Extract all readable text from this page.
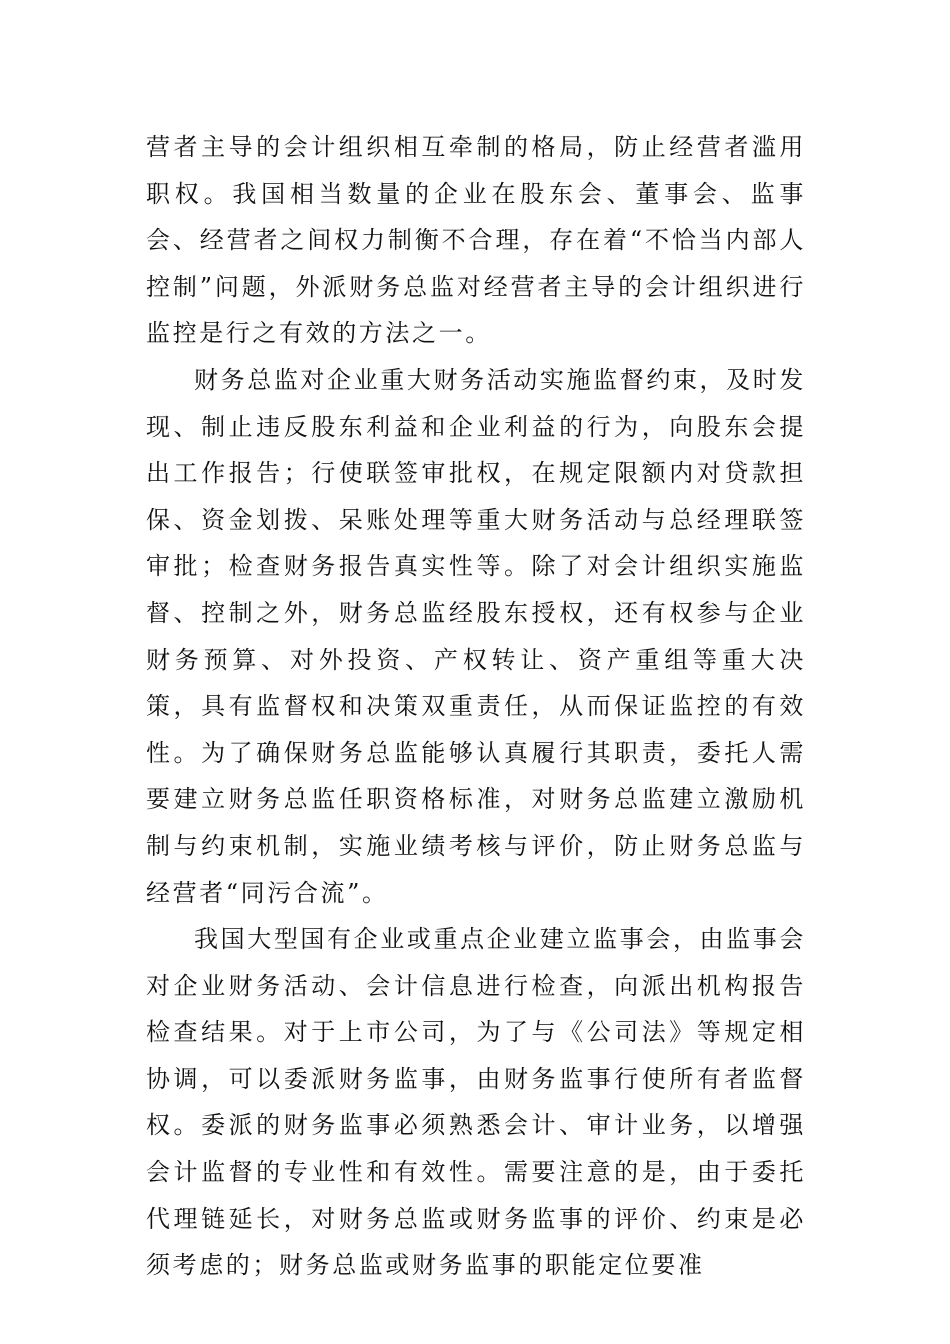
营者主导的会计组织相互牵制的格局，防止经营者滥用职权。我国相当数量的企业在股东会、董事会、监事会、经营者之间权力制衡不合理，存在着“不恰当内部人控制”问题，外派财务总监对经营者主导的会计组织进行监控是行之有效的方法之一。

财务总监对企业重大财务活动实施监督约束，及时发现、制止违反股东利益和企业利益的行为，向股东会提出工作报告；行使联签审批权，在规定限额内对贷款担保、资金划拨、呆账处理等重大财务活动与总经理联签审批；检查财务报告真实性等。除了对会计组织实施监督、控制之外，财务总监经股东授权，还有权参与企业财务预算、对外投资、产权转让、资产重组等重大决策，具有监督权和决策双重责任，从而保证监控的有效性。为了确保财务总监能够认真履行其职责，委托人需要建立财务总监任职资格标准，对财务总监建立激励机制与约束机制，实施业绩考核与评价，防止财务总监与经营者“同污合流”。

我国大型国有企业或重点企业建立监事会，由监事会对企业财务活动、会计信息进行检查，向派出机构报告检查结果。对于上市公司，为了与《公司法》等规定相协调，可以委派财务监事，由财务监事行使所有者监督权。委派的财务监事必须熟悉会计、审计业务，以增强会计监督的专业性和有效性。需要注意的是，由于委托代理链延长，对财务总监或财务监事的评价、约束是必须考虑的；财务总监或财务监事的职能定位要准
